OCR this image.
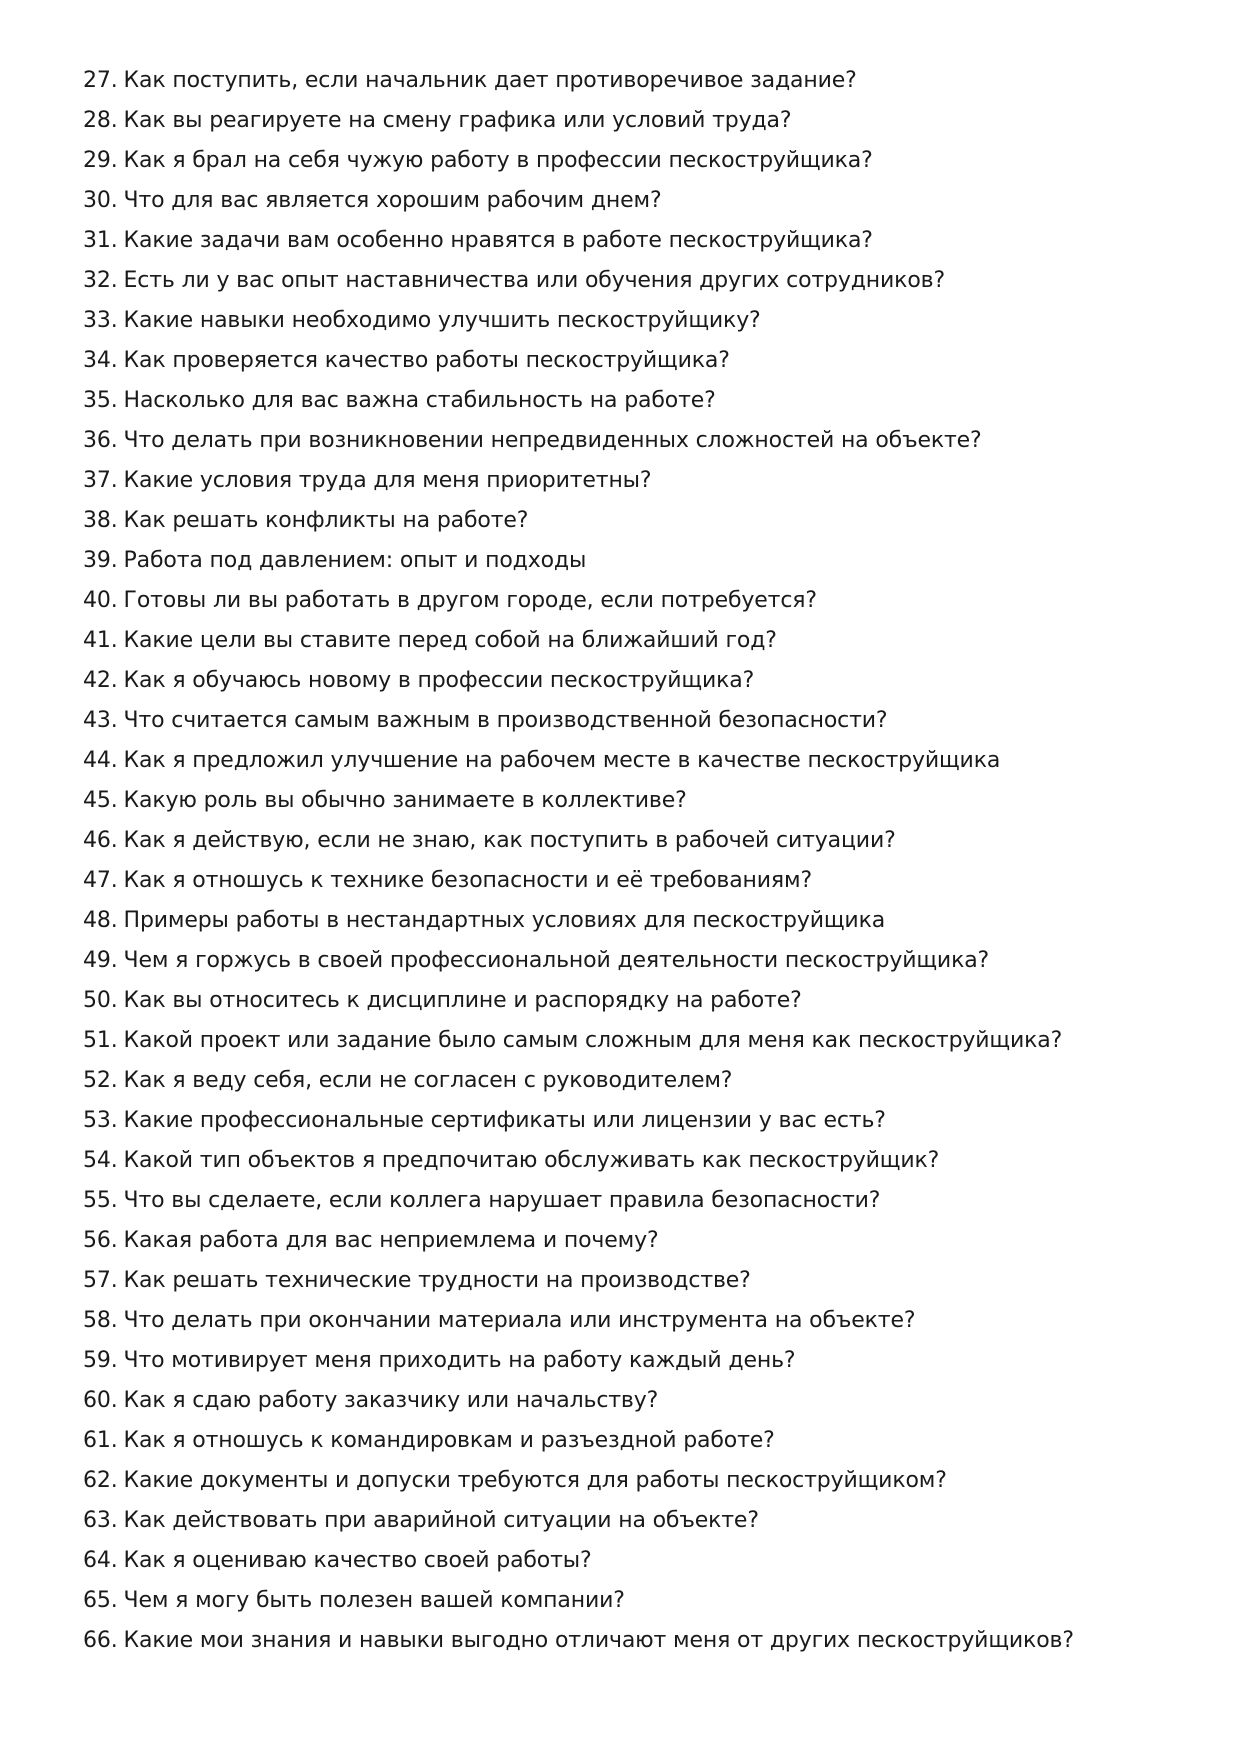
27. Как поступить, если начальник дает противоречивое задание?
28. Как вы реагируете на смену графика или условий труда?
29. Как я брал на себя чужую работу в профессии пескоструйщика?
30. Что для вас является хорошим рабочим днем?
31. Какие задачи вам особенно нравятся в работе пескоструйщика?
32. Есть ли у вас опыт наставничества или обучения других сотрудников?
33. Какие навыки необходимо улучшить пескоструйщику?
34. Как проверяется качество работы пескоструйщика?
35. Насколько для вас важна стабильность на работе?
36. Что делать при возникновении непредвиденных сложностей на объекте?
37. Какие условия труда для меня приоритетны?
38. Как решать конфликты на работе?
39. Работа под давлением: опыт и подходы
40. Готовы ли вы работать в другом городе, если потребуется?
41. Какие цели вы ставите перед собой на ближайший год?
42. Как я обучаюсь новому в профессии пескоструйщика?
43. Что считается самым важным в производственной безопасности?
44. Как я предложил улучшение на рабочем месте в качестве пескоструйщика
45. Какую роль вы обычно занимаете в коллективе?
46. Как я действую, если не знаю, как поступить в рабочей ситуации?
47. Как я отношусь к технике безопасности и её требованиям?
48. Примеры работы в нестандартных условиях для пескоструйщика
49. Чем я горжусь в своей профессиональной деятельности пескоструйщика?
50. Как вы относитесь к дисциплине и распорядку на работе?
51. Какой проект или задание было самым сложным для меня как пескоструйщика?
52. Как я веду себя, если не согласен с руководителем?
53. Какие профессиональные сертификаты или лицензии у вас есть?
54. Какой тип объектов я предпочитаю обслуживать как пескоструйщик?
55. Что вы сделаете, если коллега нарушает правила безопасности?
56. Какая работа для вас неприемлема и почему?
57. Как решать технические трудности на производстве?
58. Что делать при окончании материала или инструмента на объекте?
59. Что мотивирует меня приходить на работу каждый день?
60. Как я сдаю работу заказчику или начальству?
61. Как я отношусь к командировкам и разъездной работе?
62. Какие документы и допуски требуются для работы пескоструйщиком?
63. Как действовать при аварийной ситуации на объекте?
64. Как я оцениваю качество своей работы?
65. Чем я могу быть полезен вашей компании?
66. Какие мои знания и навыки выгодно отличают меня от других пескоструйщиков?
